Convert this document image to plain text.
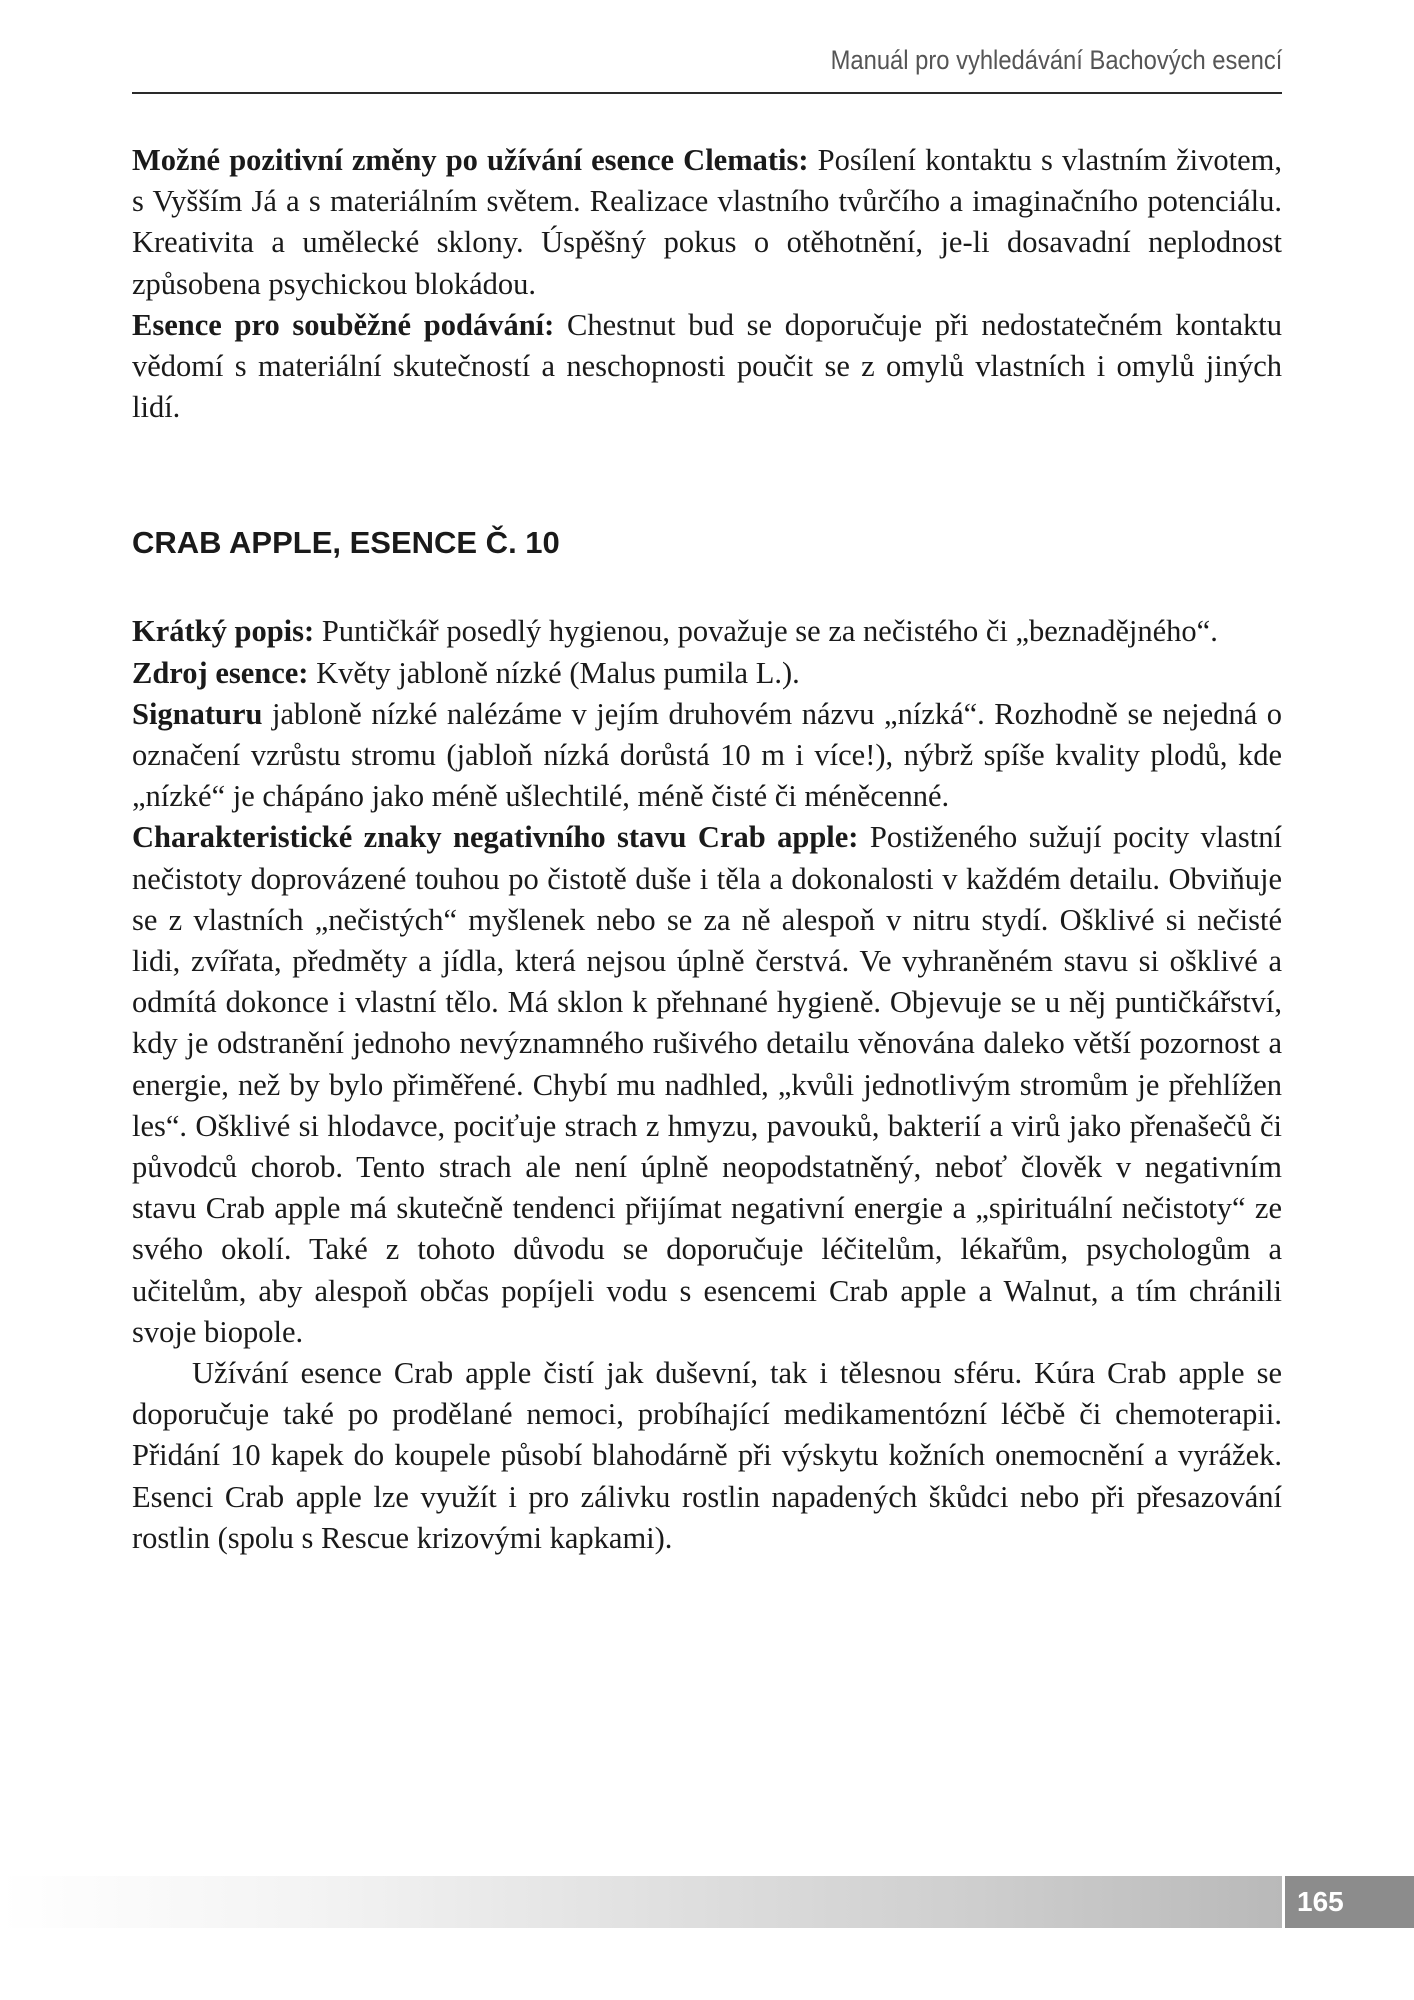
Manuál pro vyhledávání Bachových esencí

Možné pozitivní změny po užívání esence Clematis: Posílení kontaktu s vlastním životem, s Vyšším Já a s materiálním světem. Realizace vlastního tvůrčího a imaginačního potenciálu. Kreativita a umělecké sklony. Úspěšný pokus o otěhotnění, je-li dosavadní neplodnost způsobena psychickou blokádou.

Esence pro souběžné podávání: Chestnut bud se doporučuje při nedostatečném kontaktu vědomí s materiální skutečností a neschopnosti poučit se z omylů vlastních i omylů jiných lidí.

CRAB APPLE, ESENCE Č. 10

Krátký popis: Puntičkář posedlý hygienou, považuje se za nečistého či „beznadějného“.

Zdroj esence: Květy jabloně nízké (Malus pumila L.).

Signaturu jabloně nízké nalézáme v jejím druhovém názvu „nízká“. Rozhodně se nejedná o označení vzrůstu stromu (jabloň nízká dorůstá 10 m i více!), nýbrž spíše kvality plodů, kde „nízké“ je chápáno jako méně ušlechtilé, méně čisté či méněcenné.

Charakteristické znaky negativního stavu Crab apple: Postiženého sužují pocity vlastní nečistoty doprovázené touhou po čistotě duše i těla a dokonalosti v každém detailu. Obviňuje se z vlastních „nečistých“ myšlenek nebo se za ně alespoň v nitru stydí. Ošklivé si nečisté lidi, zvířata, předměty a jídla, která nejsou úplně čerstvá. Ve vyhraněném stavu si ošklivé a odmítá dokonce i vlastní tělo. Má sklon k přehnané hygieně. Objevuje se u něj puntičkářství, kdy je odstranění jednoho nevýznamného rušivého detailu věnována daleko větší pozornost a energie, než by bylo přiměřené. Chybí mu nadhled, „kvůli jednotlivým stromům je přehlížen les“. Ošklivé si hlodavce, pociťuje strach z hmyzu, pavouků, bakterií a virů jako přenašečů či původců chorob. Tento strach ale není úplně neopodstatněný, neboť člověk v negativním stavu Crab apple má skutečně tendenci přijímat negativní energie a „spirituální nečistoty“ ze svého okolí. Také z tohoto důvodu se doporučuje léčitelům, lékařům, psychologům a učitelům, aby alespoň občas popíjeli vodu s esencemi Crab apple a Walnut, a tím chránili svoje biopole.

Užívání esence Crab apple čistí jak duševní, tak i tělesnou sféru. Kúra Crab apple se doporučuje také po prodělané nemoci, probíhající medikamentózní léčbě či chemoterapii. Přidání 10 kapek do koupele působí blahodárně při výskytu kožních onemocnění a vyrážek. Esenci Crab apple lze využít i pro zálivku rostlin napadených škůdci nebo při přesazování rostlin (spolu s Rescue krizovými kapkami).

165
